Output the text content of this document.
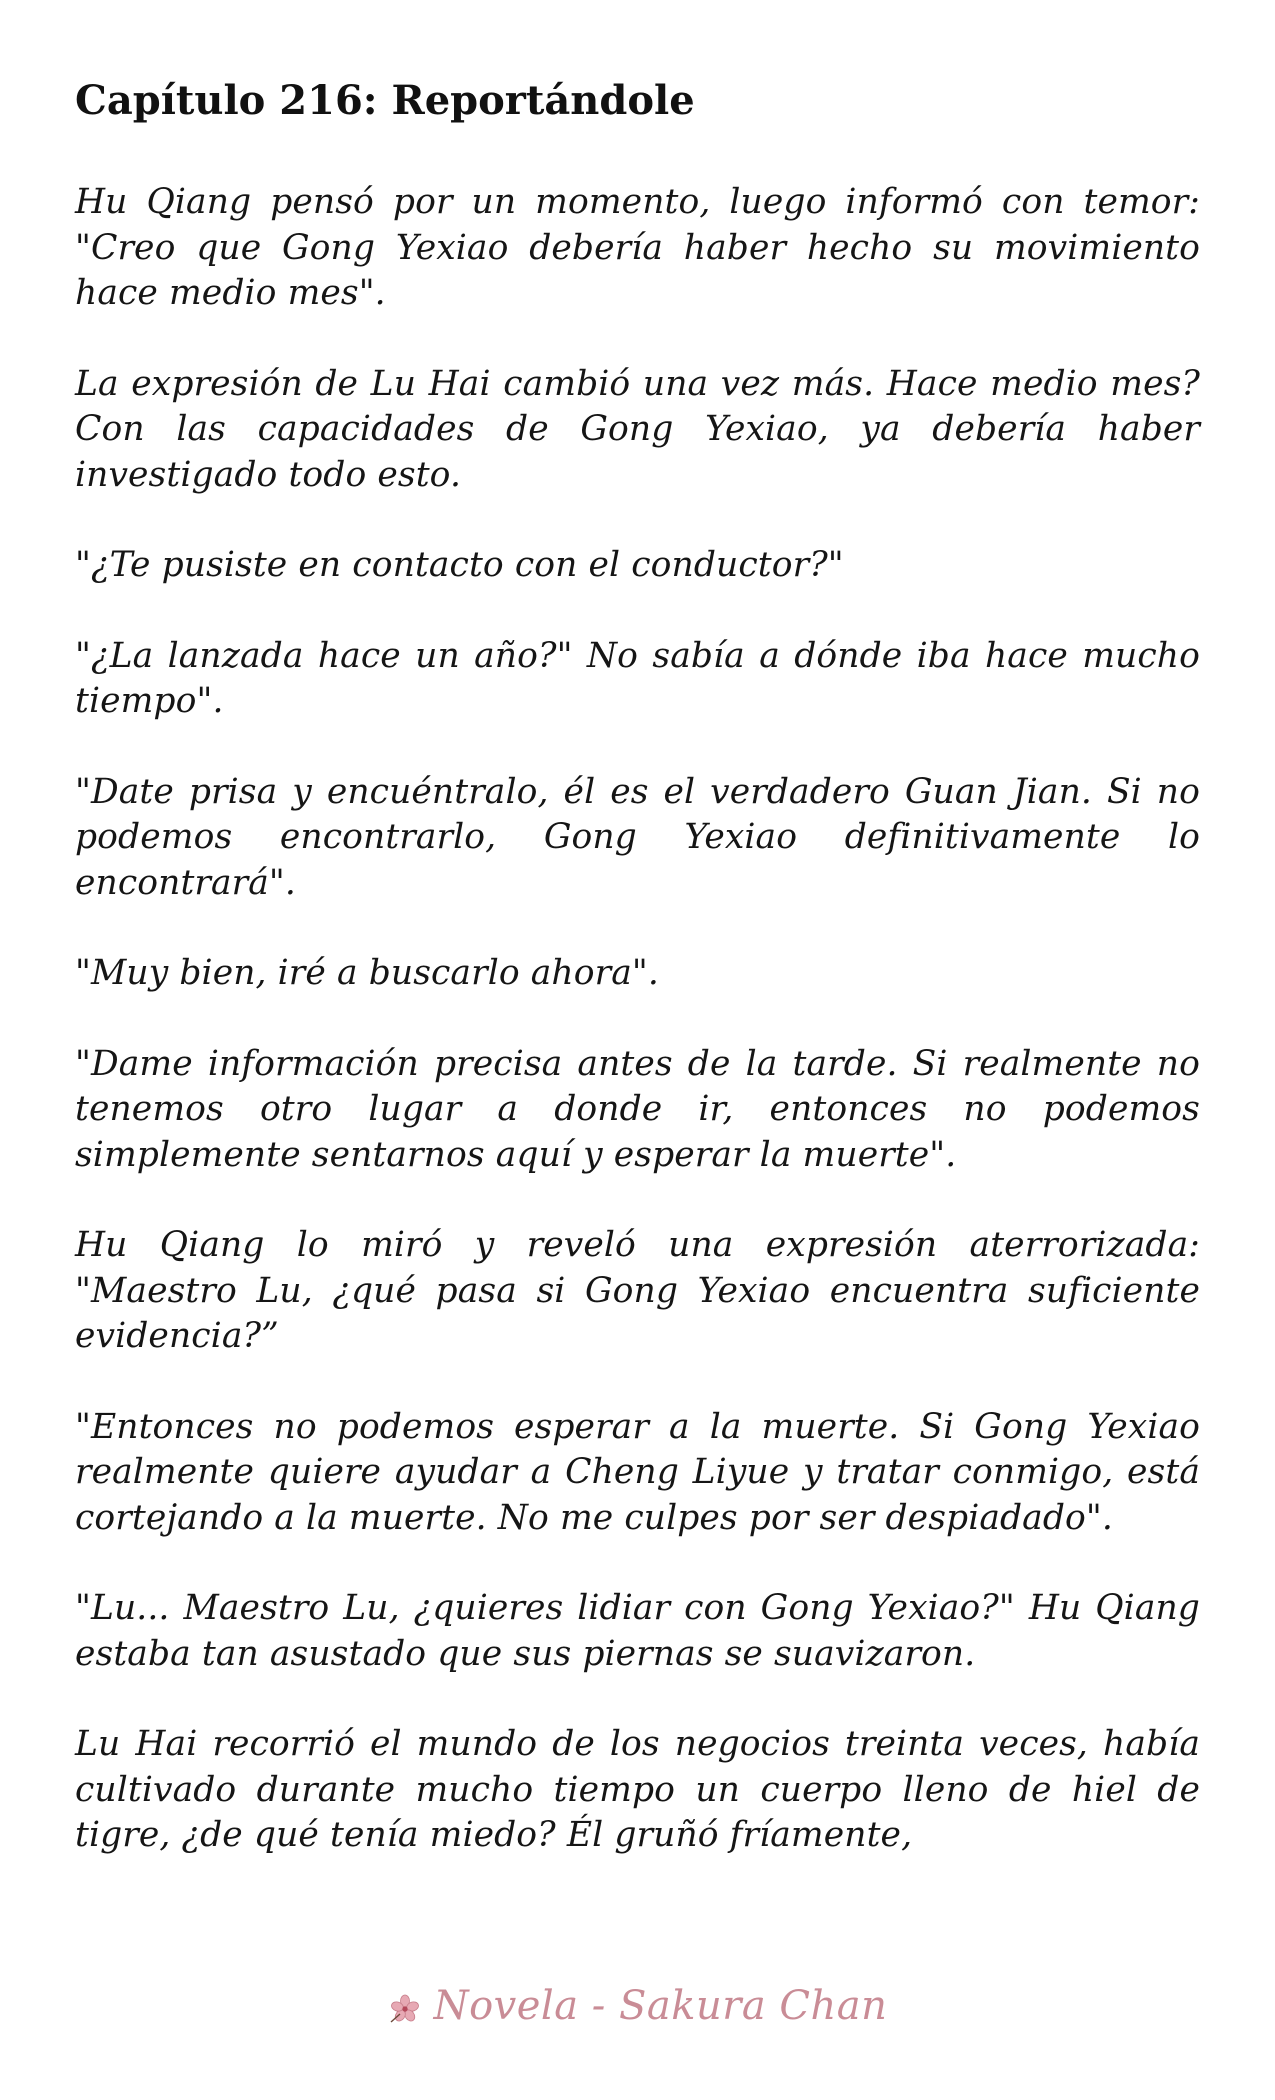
Capítulo 216: Reportándole

Hu Qiang pensó por un momento, luego informó con temor: "Creo que Gong Yexiao debería haber hecho su movimiento hace medio mes".

La expresión de Lu Hai cambió una vez más. Hace medio mes? Con las capacidades de Gong Yexiao, ya debería haber investigado todo esto.

"¿Te pusiste en contacto con el conductor?"

"¿La lanzada hace un año?" No sabía a dónde iba hace mucho tiempo".

"Date prisa y encuéntralo, él es el verdadero Guan Jian. Si no podemos encontrarlo, Gong Yexiao definitivamente lo encontrará".

"Muy bien, iré a buscarlo ahora".

"Dame información precisa antes de la tarde. Si realmente no tenemos otro lugar a donde ir, entonces no podemos simplemente sentarnos aquí y esperar la muerte".

Hu Qiang lo miró y reveló una expresión aterrorizada: "Maestro Lu, ¿qué pasa si Gong Yexiao encuentra suficiente evidencia?”

"Entonces no podemos esperar a la muerte. Si Gong Yexiao realmente quiere ayudar a Cheng Liyue y tratar conmigo, está cortejando a la muerte. No me culpes por ser despiadado".

"Lu... Maestro Lu, ¿quieres lidiar con Gong Yexiao?" Hu Qiang estaba tan asustado que sus piernas se suavizaron.

Lu Hai recorrió el mundo de los negocios treinta veces, había cultivado durante mucho tiempo un cuerpo lleno de hiel de tigre, ¿de qué tenía miedo? Él gruñó fríamente,

Novela - Sakura Chan
